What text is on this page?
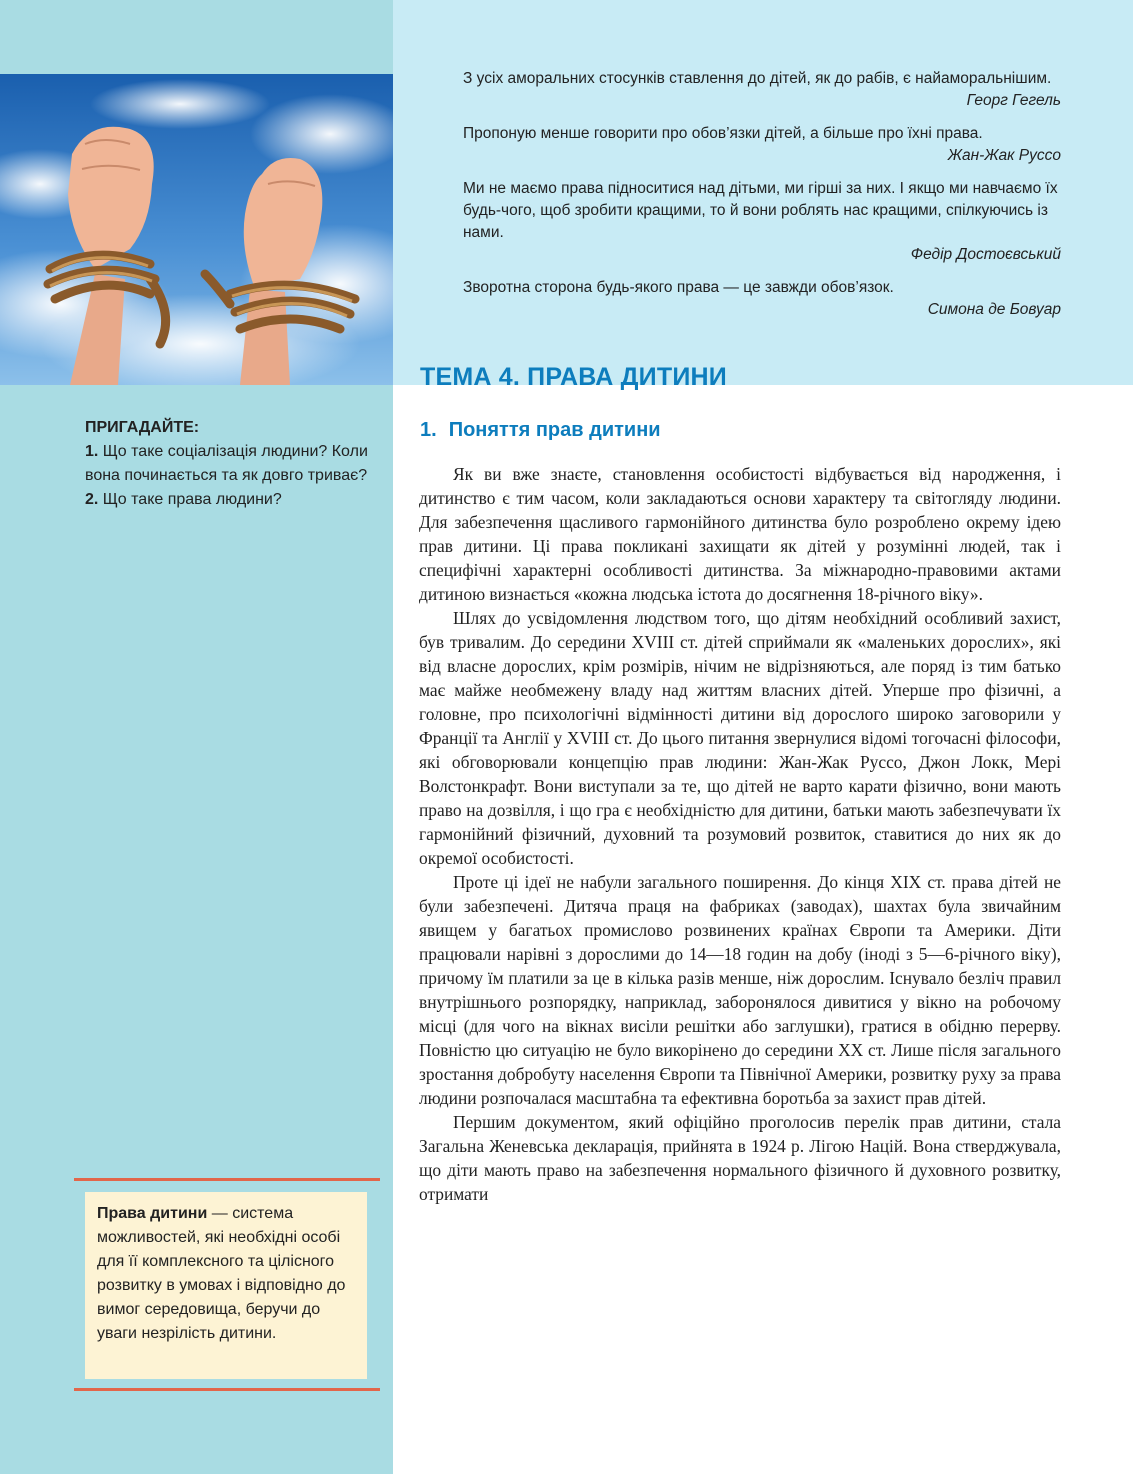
З усіх аморальних стосунків ставлення до дітей, як до рабів, є найаморальнішим.
Георг Гегель
Пропоную менше говорити про обов’язки дітей, а більше про їхні права.
Жан-Жак Руссо
Ми не маємо права підноситися над дітьми, ми гірші за них. І якщо ми навчаємо їх будь-чого, щоб зробити кращими, то й вони роблять нас кращими, спілкуючись із нами.
Федір Достоєвський
Зворотна сторона будь-якого права — це завжди обов’язок.
Симона де Бовуар
ТЕМА 4. ПРАВА ДИТИНИ
1. Поняття прав дитини
ПРИГАДАЙТЕ:
1. Що таке соціалізація людини? Коли вона починається та як довго триває?
2. Що таке права людини?
Права дитини — система можливостей, які необхідні особі для її комплексного та цілісного розвитку в умовах і відповідно до вимог середовища, беручи до уваги незрілість дитини.

Як ви вже знаєте, становлення особистості відбувається від народження, і дитинство є тим часом, коли закладаються основи характеру та світогляду людини. Для забезпечення щасливого гармонійного дитинства було розроблено окрему ідею прав дитини. Ці права покликані захищати як дітей у розумінні людей, так і специфічні характерні особливості дитинства. За міжнародно-правовими актами дитиною визнається «кожна людська істота до досягнення 18-річного віку».

Шлях до усвідомлення людством того, що дітям необхідний особливий захист, був тривалим. До середини XVIII ст. дітей сприймали як «маленьких дорослих», які від власне дорослих, крім розмірів, нічим не відрізняються, але поряд із тим батько має майже необмежену владу над життям власних дітей. Уперше про фізичні, а головне, про психологічні відмінності дитини від дорослого широко заговорили у Франції та Англії у XVIII ст. До цього питання звернулися відомі тогочасні філософи, які обговорювали концепцію прав людини: Жан-Жак Руссо, Джон Локк, Мері Волстонкрафт. Вони виступали за те, що дітей не варто карати фізично, вони мають право на дозвілля, і що гра є необхідністю для дитини, батьки мають забезпечувати їх гармонійний фізичний, духовний та розумовий розвиток, ставитися до них як до окремої особистості.

Проте ці ідеї не набули загального поширення. До кінця XIX ст. права дітей не були забезпечені. Дитяча праця на фабриках (заводах), шахтах була звичайним явищем у багатьох промислово розвинених країнах Європи та Америки. Діти працювали нарівні з дорослими до 14—18 годин на добу (іноді з 5—6-річного віку), причому їм платили за це в кілька разів менше, ніж дорослим. Існувало безліч правил внутрішнього розпорядку, наприклад, заборонялося дивитися у вікно на робочому місці (для чого на вікнах висіли решітки або заглушки), гратися в обідню перерву. Повністю цю ситуацію не було викорінено до середини XX ст. Лише після загального зростання добробуту населення Європи та Північної Америки, розвитку руху за права людини розпочалася масштабна та ефективна боротьба за захист прав дітей.

Першим документом, який офіційно проголосив перелік прав дитини, стала Загальна Женевська декларація, прийнята в 1924 р. Лігою Націй. Вона стверджувала, що діти мають право на забезпечення нормального фізичного й духовного розвитку, отримати
